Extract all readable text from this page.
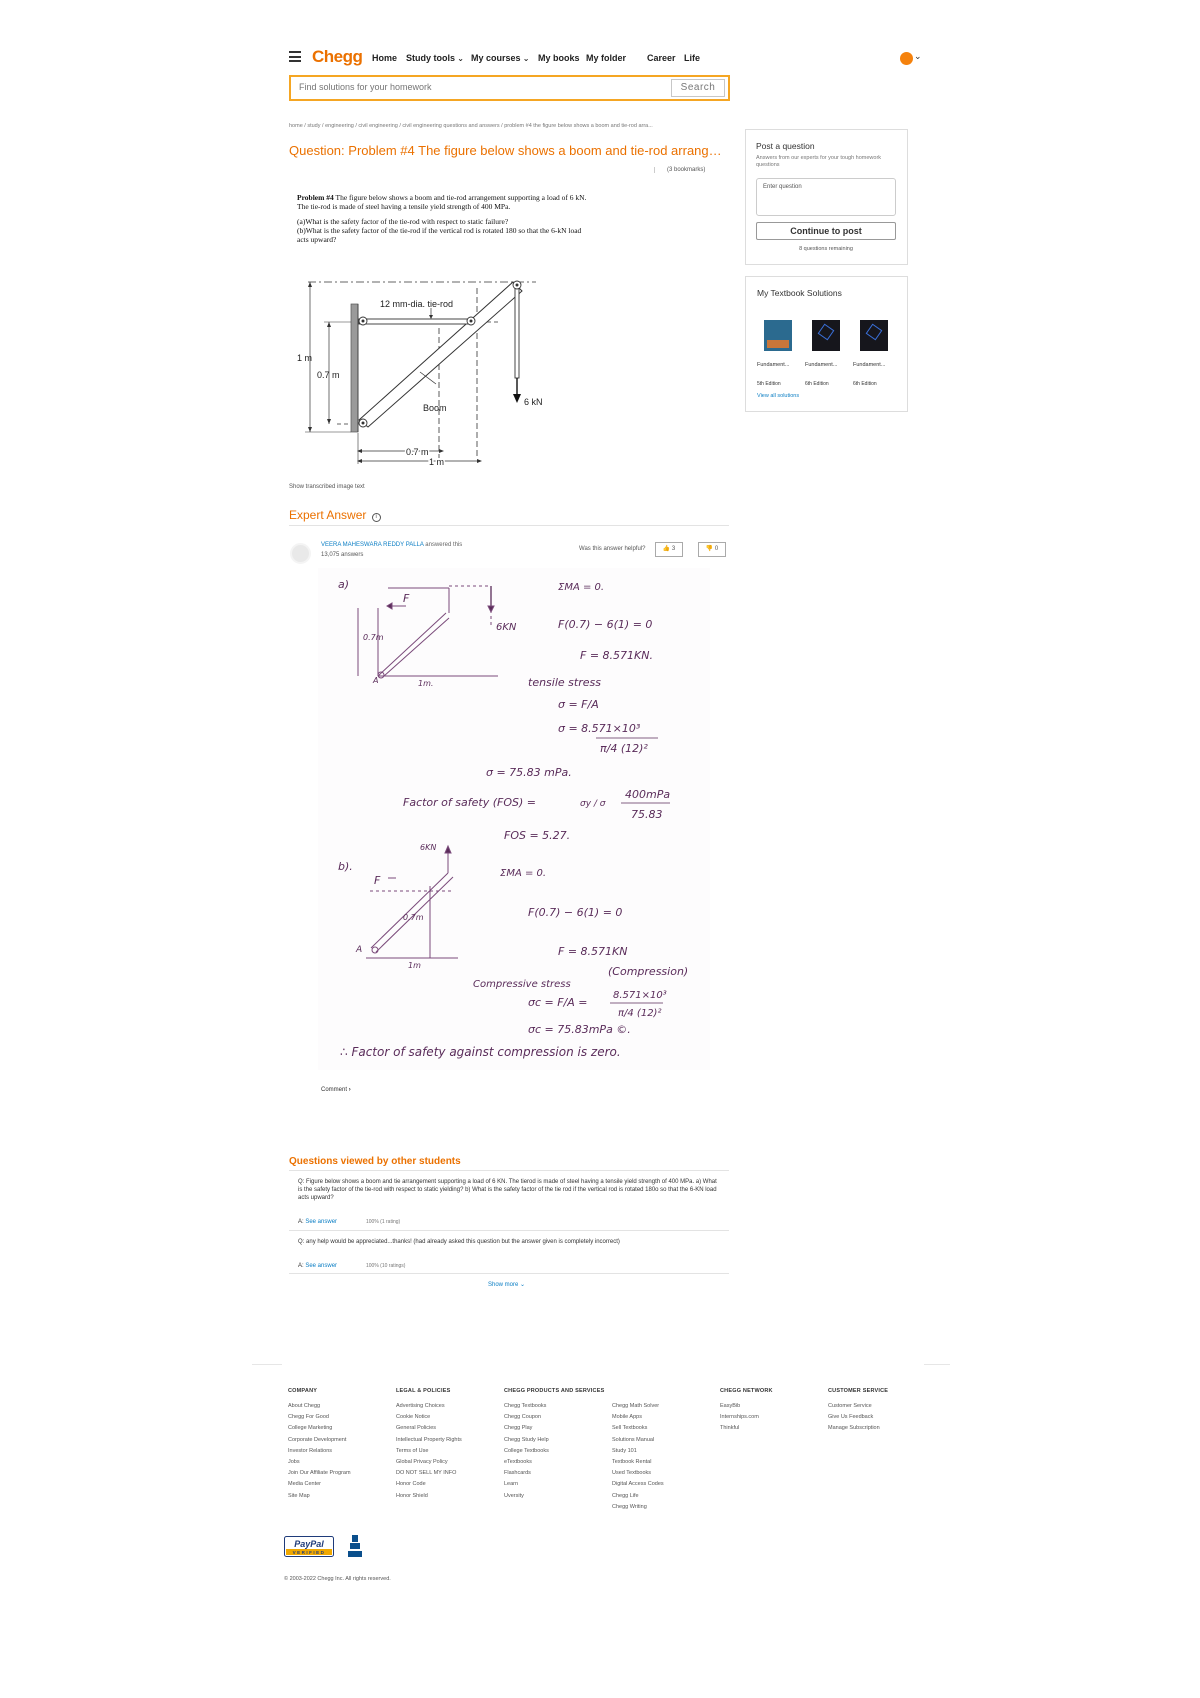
Chegg Home Study tools ⌄	My courses ⌄	My books My folder Career Life	⌄
Find solutions for your homework
Search
home / study / engineering / civil engineering / civil engineering questions and answers / problem #4 the figure below shows a boom and tie-rod arra...
Question: Problem #4 The figure below shows a boom and tie-rod arrang…
(3 bookmarks)

Problem #4 The figure below shows a boom and tie-rod arrangement supporting a load of 6 kN.
The tie-rod is made of steel having a tensile yield strength of 400 MPa.

(a)What is the safety factor of the tie-rod with respect to static failure?
(b)What is the safety factor of the tie-rod if the vertical rod is rotated 180 so that the 6-kN load
acts upward?

12 mm-dia. tie-rod
1 m
0.7 m
Boom
6 kN
0.7 m
1 m
Show transcribed image text
Expert Answer i
VEERA MAHESWARA REDDY PALLA answered this
13,075 answers
Was this answer helpful?	👍 3	👎 0
a)
F
0.7m
A	1m.
6KN
ΣMA = 0.
F(0.7) − 6(1) = 0
F = 8.571KN.
tensile stress
σ = F/A
σ = 8.571×10³
π/4 (12)²
σ = 75.83 mPa.
Factor of safety (FOS) =	σy / σ
400mPa
75.83
FOS = 5.27.
b).
6KN
F
0.7m
A
1m
ΣMA = 0.
F(0.7) − 6(1) = 0
F = 8.571KN
(Compression)
Compressive stress
σc = F/A =
8.571×10³
π/4 (12)²
σc = 75.83mPa ©.
∴ Factor of safety against compression is zero.
Comment ›
Questions viewed by other students
Q: Figure below shows a boom and tie arrangement supporting a load of 6 KN. The tierod is made of steel having a tensile yield strength of 400 MPa. a) What is the safety factor of the tie-rod with respect to static yielding? b) What is the safety factor of the tie rod if the vertical rod is rotated 180o so that the 6-KN load acts upward?
A: See answer	100% (1 rating)
Q: any help would be appreciated...thanks! (had already asked this question but the answer given is completely incorrect)
A: See answer	100% (10 ratings)
Show more ⌄
Post a question
Answers from our experts for your tough homework questions
Enter question
Continue to post
8 questions remaining
My Textbook Solutions
Fundament...	Fundament...	Fundament...
5th Edition	6th Edition	6th Edition
View all solutions
COMPANY	LEGAL & POLICIES	CHEGG PRODUCTS AND SERVICES	CHEGG NETWORK	CUSTOMER SERVICE
About Chegg
Chegg For Good
College Marketing
Corporate Development
Investor Relations
Jobs
Join Our Affiliate Program
Media Center
Site Map
Advertising Choices
Cookie Notice
General Policies
Intellectual Property Rights
Terms of Use
Global Privacy Policy
DO NOT SELL MY INFO
Honor Code
Honor Shield
Chegg Textbooks
Chegg Coupon
Chegg Play
Chegg Study Help
College Textbooks
eTextbooks
Flashcards
Learn
Uversity
Chegg Math Solver
Mobile Apps
Sell Textbooks
Solutions Manual
Study 101
Textbook Rental
Used Textbooks
Digital Access Codes
Chegg Life
Chegg Writing
EasyBib
Internships.com
Thinkful
Customer Service
Give Us Feedback
Manage Subscription
PayPal
VERIFIED
© 2003-2022 Chegg Inc. All rights reserved.
